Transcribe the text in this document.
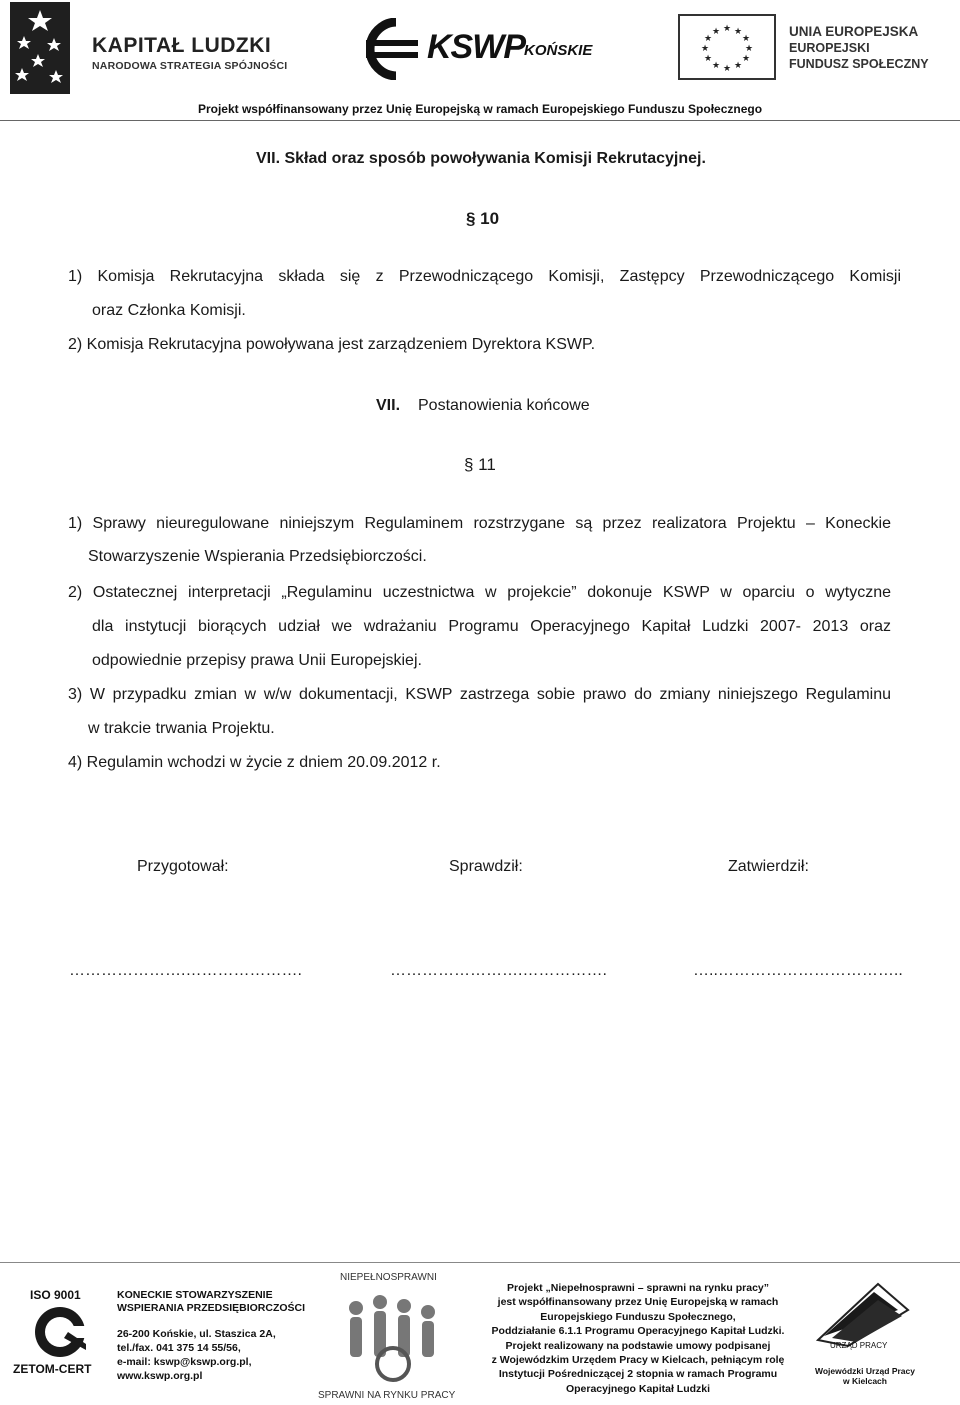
KAPITAŁ LUDZKI
NARODOWA STRATEGIA SPÓJNOŚCI	KSWP KOŃSKIE
★ ★
★
★
★
★
★
★
★
★
★
★	UNIA EUROPEJSKA
EUROPEJSKI
FUNDUSZ SPOŁECZNY
Projekt współfinansowany przez Unię Europejską w ramach Europejskiego Funduszu Społecznego
VII. Skład oraz sposób powoływania Komisji Rekrutacyjnej.
§ 10
1) Komisja Rekrutacyjna składa się z Przewodniczącego Komisji, Zastępcy Przewodniczącego Komisji
oraz Członka Komisji.
2) Komisja Rekrutacyjna powoływana jest zarządzeniem Dyrektora KSWP.
VII. Postanowienia końcowe
§ 11
1) Sprawy nieuregulowane niniejszym Regulaminem rozstrzygane są przez realizatora Projektu – Koneckie
Stowarzyszenie Wspierania Przedsiębiorczości.
2) Ostatecznej interpretacji „Regulaminu uczestnictwa w projekcie” dokonuje KSWP w oparciu o wytyczne
dla instytucji biorących udział we wdrażaniu Programu Operacyjnego Kapitał Ludzki 2007- 2013 oraz
odpowiednie przepisy prawa Unii Europejskiej.
3) W przypadku zmian w w/w dokumentacji, KSWP zastrzega sobie prawo do zmiany niniejszego Regulaminu
w trakcie trwania Projektu.
4) Regulamin wchodzi w życie z dniem 20.09.2012 r.
Przygotował:	Sprawdził:	Zatwierdził:
………………….………………….	…………………….…………….	…..……………………………..
ISO 9001
ZETOM-CERT
KONECKIE STOWARZYSZENIE
WSPIERANIA PRZEDSIĘBIORCZOŚCI
26-200 Końskie, ul. Staszica 2A,
tel./fax. 041 375 14 55/56,
e-mail: kswp@kswp.org.pl,
www.kswp.org.pl
NIEPEŁNOSPRAWNI
SPRAWNI NA RYNKU PRACY
Projekt „Niepełnosprawni – sprawni na rynku pracy”
jest współfinansowany przez Unię Europejską w ramach
Europejskiego Funduszu Społecznego,
Poddziałanie 6.1.1 Programu Operacyjnego Kapitał Ludzki.
Projekt realizowany na podstawie umowy podpisanej
z Wojewódzkim Urzędem Pracy w Kielcach, pełniącym rolę
Instytucji Pośredniczącej 2 stopnia w ramach Programu
Operacyjnego Kapitał Ludzki
URZĄD PRACY
Wojewódzki Urząd Pracy
w Kielcach
